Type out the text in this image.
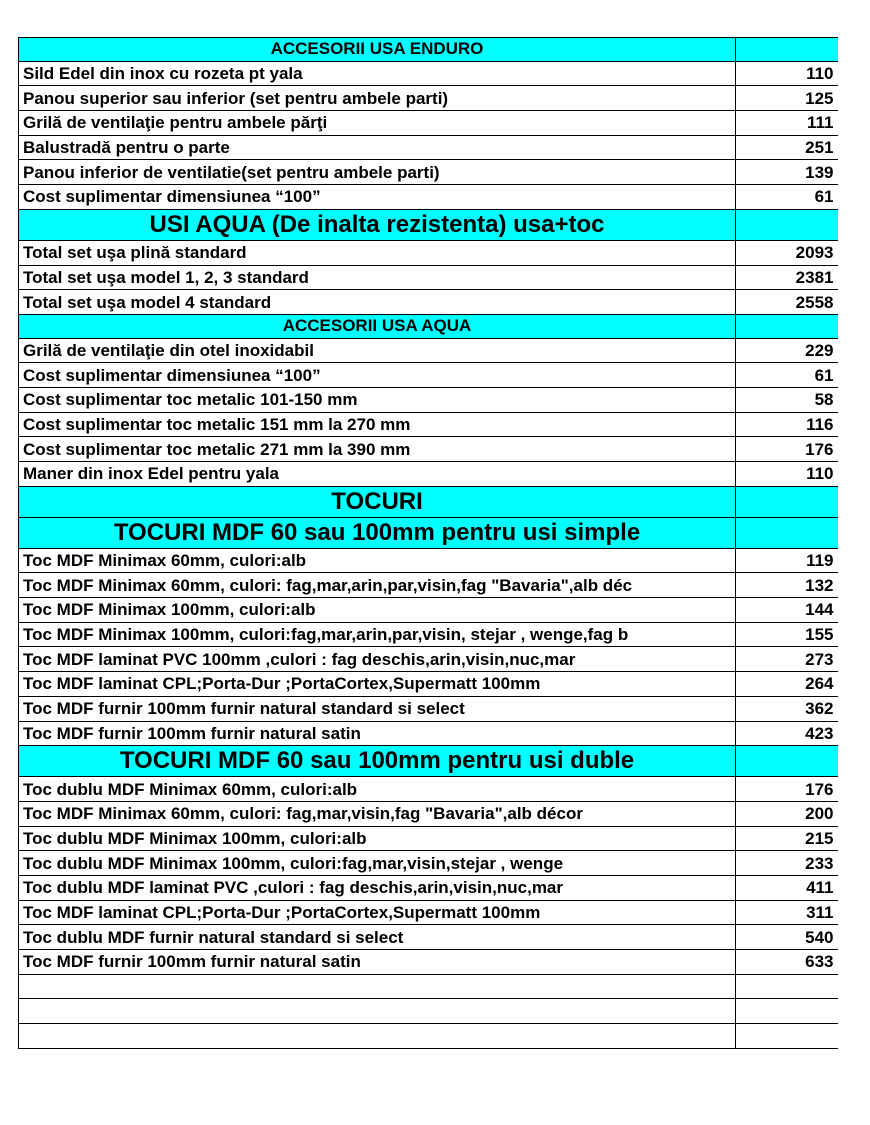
ACCESORII USA ENDURO	
Sild Edel din inox cu rozeta pt yala	110
Panou superior sau inferior (set pentru ambele parti)	125
Grilă de ventilaţie pentru ambele părţi	111
Balustradă pentru o parte	251
Panou inferior de ventilatie(set pentru ambele parti)	139
Cost suplimentar dimensiunea “100”	61
USI AQUA (De inalta rezistenta) usa+toc	
Total set uşa plină standard	2093
Total set uşa model 1, 2, 3 standard	2381
Total set uşa model 4 standard	2558
ACCESORII USA AQUA	
Grilă de ventilaţie din otel inoxidabil	229
Cost suplimentar dimensiunea “100”	61
Cost suplimentar toc metalic 101-150 mm	58
Cost suplimentar toc metalic 151 mm la 270 mm	116
Cost suplimentar toc metalic 271 mm la 390 mm	176
Maner din inox Edel pentru yala	110
TOCURI	
TOCURI MDF 60 sau 100mm pentru usi simple	
Toc MDF Minimax 60mm, culori:alb	119
Toc MDF Minimax 60mm, culori: fag,mar,arin,par,visin,fag "Bavaria",alb déc	132
Toc MDF Minimax 100mm, culori:alb	144
Toc MDF Minimax 100mm, culori:fag,mar,arin,par,visin, stejar , wenge,fag b	155
Toc MDF laminat PVC 100mm ,culori : fag deschis,arin,visin,nuc,mar	273
Toc MDF laminat CPL;Porta-Dur ;PortaCortex,Supermatt 100mm	264
Toc MDF furnir 100mm furnir natural standard si select	362
Toc MDF furnir 100mm furnir natural satin	423
TOCURI MDF 60 sau 100mm pentru usi duble	
Toc dublu MDF Minimax 60mm, culori:alb	176
Toc MDF Minimax 60mm, culori: fag,mar,visin,fag "Bavaria",alb décor	200
Toc dublu MDF Minimax 100mm, culori:alb	215
Toc dublu MDF Minimax 100mm, culori:fag,mar,visin,stejar , wenge	233
Toc dublu MDF laminat PVC ,culori : fag deschis,arin,visin,nuc,mar	411
Toc MDF laminat CPL;Porta-Dur ;PortaCortex,Supermatt 100mm	311
Toc dublu MDF furnir natural standard si select	540
Toc MDF furnir 100mm furnir natural satin	633
